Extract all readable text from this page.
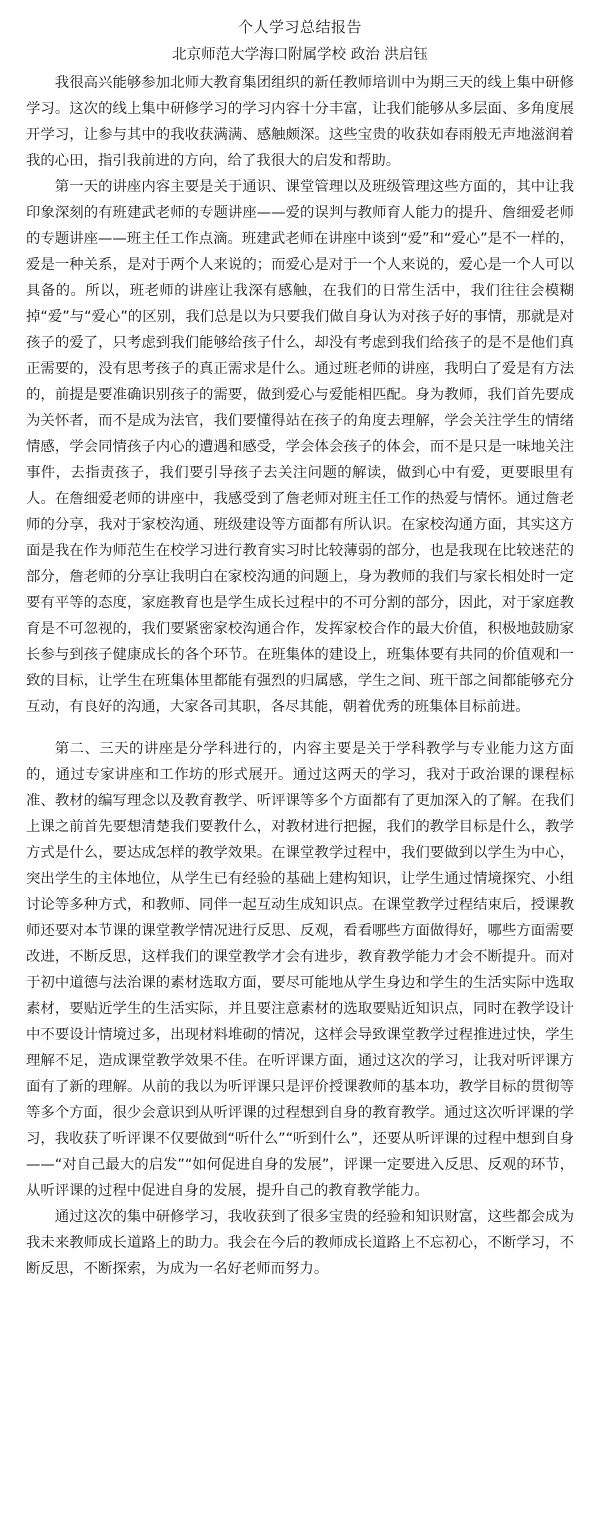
个人学习总结报告
北京师范大学海口附属学校 政治 洪启钰

我很高兴能够参加北师大教育集团组织的新任教师培训中为期三天的线上集中研修学习。这次的线上集中研修学习的学习内容十分丰富，让我们能够从多层面、多角度展开学习，让参与其中的我收获满满、感触颇深。这些宝贵的收获如春雨般无声地滋润着我的心田，指引我前进的方向，给了我很大的启发和帮助。

第一天的讲座内容主要是关于通识、课堂管理以及班级管理这些方面的，其中让我印象深刻的有班建武老师的专题讲座——爱的误判与教师育人能力的提升、詹细爱老师的专题讲座——班主任工作点滴。班建武老师在讲座中谈到“爱”和“爱心”是不一样的，爱是一种关系，是对于两个人来说的；而爱心是对于一个人来说的，爱心是一个人可以具备的。所以，班老师的讲座让我深有感触，在我们的日常生活中，我们往往会模糊掉“爱”与“爱心”的区别，我们总是以为只要我们做自身认为对孩子好的事情，那就是对孩子的爱了，只考虑到我们能够给孩子什么，却没有考虑到我们给孩子的是不是他们真正需要的，没有思考孩子的真正需求是什么。通过班老师的讲座，我明白了爱是有方法的，前提是要准确识别孩子的需要，做到爱心与爱能相匹配。身为教师，我们首先要成为关怀者，而不是成为法官，我们要懂得站在孩子的角度去理解，学会关注学生的情绪情感，学会同情孩子内心的遭遇和感受，学会体会孩子的体会，而不是只是一味地关注事件，去指责孩子，我们要引导孩子去关注问题的解读，做到心中有爱，更要眼里有人。在詹细爱老师的讲座中，我感受到了詹老师对班主任工作的热爱与情怀。通过詹老师的分享，我对于家校沟通、班级建设等方面都有所认识。在家校沟通方面，其实这方面是我在作为师范生在校学习进行教育实习时比较薄弱的部分，也是我现在比较迷茫的部分，詹老师的分享让我明白在家校沟通的问题上，身为教师的我们与家长相处时一定要有平等的态度，家庭教育也是学生成长过程中的不可分割的部分，因此，对于家庭教育是不可忽视的，我们要紧密家校沟通合作，发挥家校合作的最大价值，积极地鼓励家长参与到孩子健康成长的各个环节。在班集体的建设上，班集体要有共同的价值观和一致的目标，让学生在班集体里都能有强烈的归属感，学生之间、班干部之间都能够充分互动，有良好的沟通，大家各司其职，各尽其能，朝着优秀的班集体目标前进。

第二、三天的讲座是分学科进行的，内容主要是关于学科教学与专业能力这方面的，通过专家讲座和工作坊的形式展开。通过这两天的学习，我对于政治课的课程标准、教材的编写理念以及教育教学、听评课等多个方面都有了更加深入的了解。在我们上课之前首先要想清楚我们要教什么，对教材进行把握，我们的教学目标是什么，教学方式是什么，要达成怎样的教学效果。在课堂教学过程中，我们要做到以学生为中心，突出学生的主体地位，从学生已有经验的基础上建构知识，让学生通过情境探究、小组讨论等多种方式，和教师、同伴一起互动生成知识点。在课堂教学过程结束后，授课教师还要对本节课的课堂教学情况进行反思、反观，看看哪些方面做得好，哪些方面需要改进，不断反思，这样我们的课堂教学才会有进步，教育教学能力才会不断提升。而对于初中道德与法治课的素材选取方面，要尽可能地从学生身边和学生的生活实际中选取素材，要贴近学生的生活实际，并且要注意素材的选取要贴近知识点，同时在教学设计中不要设计情境过多，出现材料堆砌的情况，这样会导致课堂教学过程推进过快，学生理解不足，造成课堂教学效果不佳。在听评课方面，通过这次的学习，让我对听评课方面有了新的理解。从前的我以为听评课只是评价授课教师的基本功，教学目标的贯彻等等多个方面，很少会意识到从听评课的过程想到自身的教育教学。通过这次听评课的学习，我收获了听评课不仅要做到“听什么”“听到什么”，还要从听评课的过程中想到自身——“对自己最大的启发”“如何促进自身的发展”，评课一定要进入反思、反观的环节，从听评课的过程中促进自身的发展，提升自己的教育教学能力。

通过这次的集中研修学习，我收获到了很多宝贵的经验和知识财富，这些都会成为我未来教师成长道路上的助力。我会在今后的教师成长道路上不忘初心，不断学习，不断反思，不断探索，为成为一名好老师而努力。
